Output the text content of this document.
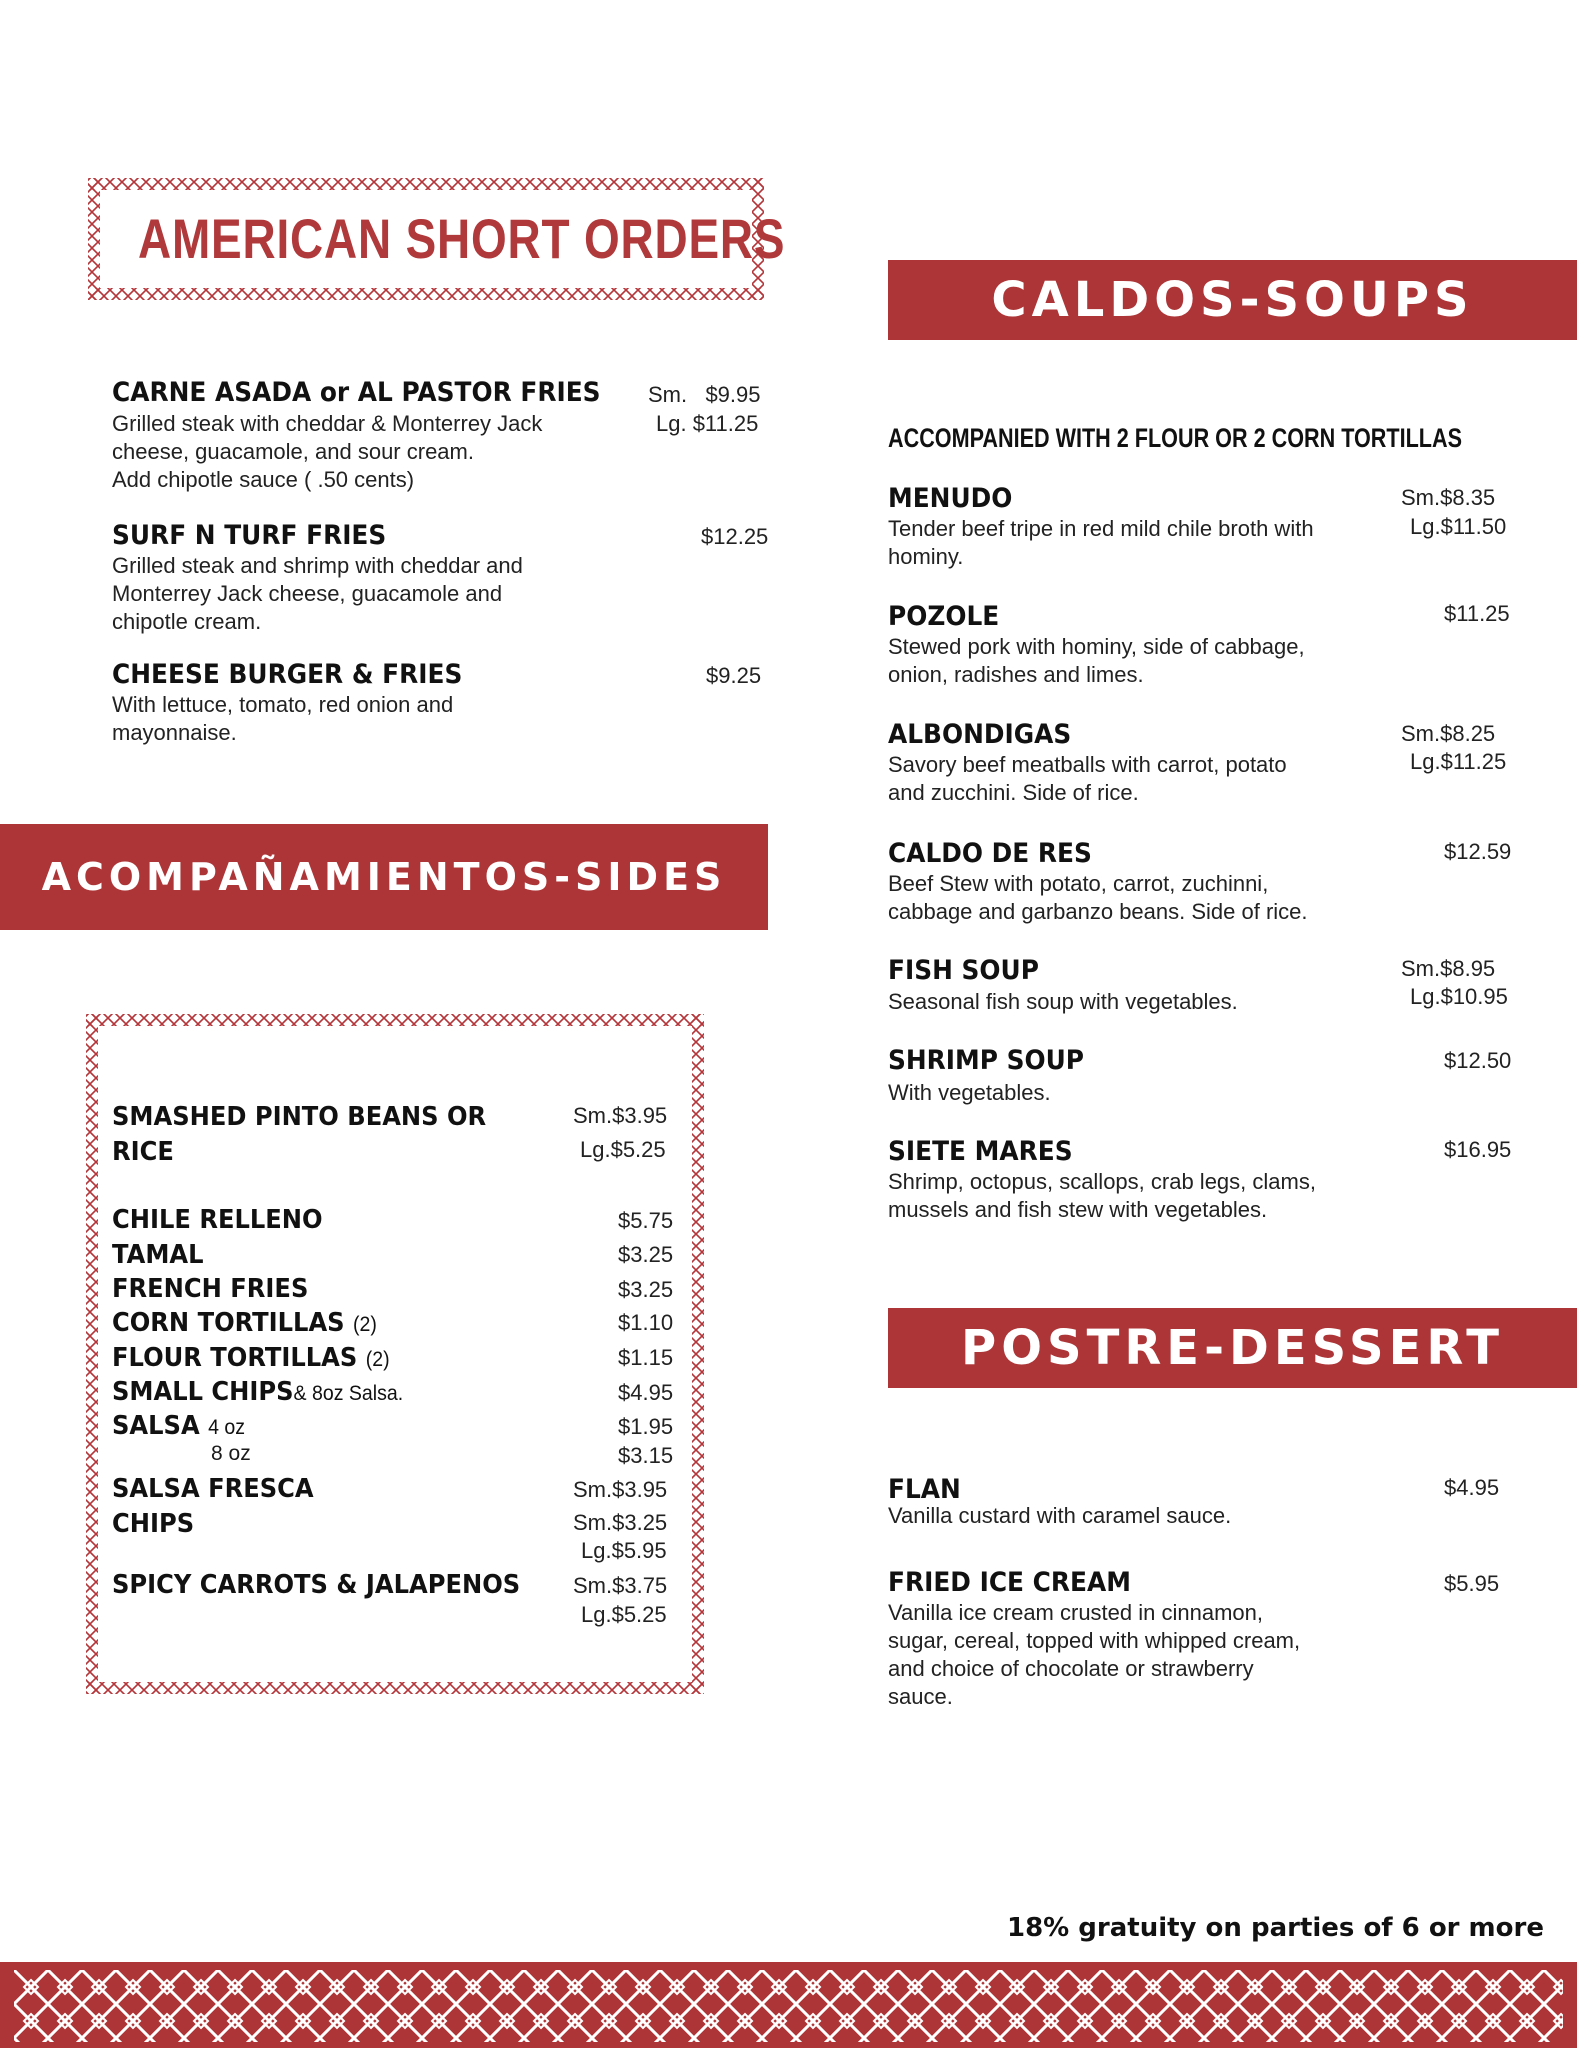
AMERICAN SHORT ORDERS
CARNE ASADA or AL PASTOR FRIES Sm.   $9.95
Lg. $11.25
Grilled steak with cheddar & Monterrey Jack
cheese, guacamole, and sour cream.
Add chipotle sauce ( .50 cents)
SURF N TURF FRIES	$12.25
Grilled steak and shrimp with cheddar and
Monterrey Jack cheese, guacamole and
chipotle cream.
CHEESE BURGER & FRIES	$9.25
With lettuce, tomato, red onion and
mayonnaise.
ACOMPAÑAMIENTOS-SIDES
SMASHED PINTO BEANS OR	Sm.$3.95
RICE	Lg.$5.25
CHILE RELLENO	$5.75
TAMAL	$3.25
FRENCH FRIES	$3.25
CORN TORTILLAS (2)	$1.10
FLOUR TORTILLAS (2)	$1.15
SMALL CHIPS& 8oz Salsa.	$4.95
SALSA 4 oz	$1.95
8 oz	$3.15
SALSA FRESCA	Sm.$3.95
CHIPS	Sm.$3.25
Lg.$5.95
SPICY CARROTS & JALAPENOS Sm.$3.75
Lg.$5.25
CALDOS-SOUPS
ACCOMPANIED WITH 2 FLOUR OR 2 CORN TORTILLAS
MENUDO	Sm.$8.35
Lg.$11.50
Tender beef tripe in red mild chile broth with
hominy.
POZOLE	$11.25
Stewed pork with hominy, side of cabbage,
onion, radishes and limes.
ALBONDIGAS	Sm.$8.25
Lg.$11.25
Savory beef meatballs with carrot, potato
and zucchini. Side of rice.
CALDO DE RES	$12.59
Beef Stew with potato, carrot, zuchinni,
cabbage and garbanzo beans. Side of rice.
FISH SOUP	Sm.$8.95
Lg.$10.95
Seasonal fish soup with vegetables.
SHRIMP SOUP	$12.50
With vegetables.
SIETE MARES	$16.95
Shrimp, octopus, scallops, crab legs, clams,
mussels and fish stew with vegetables.
POSTRE-DESSERT
FLAN	$4.95
Vanilla custard with caramel sauce.
FRIED ICE CREAM	$5.95
Vanilla ice cream crusted in cinnamon,
sugar, cereal, topped with whipped cream,
and choice of chocolate or strawberry
sauce.
18% gratuity on parties of 6 or more
